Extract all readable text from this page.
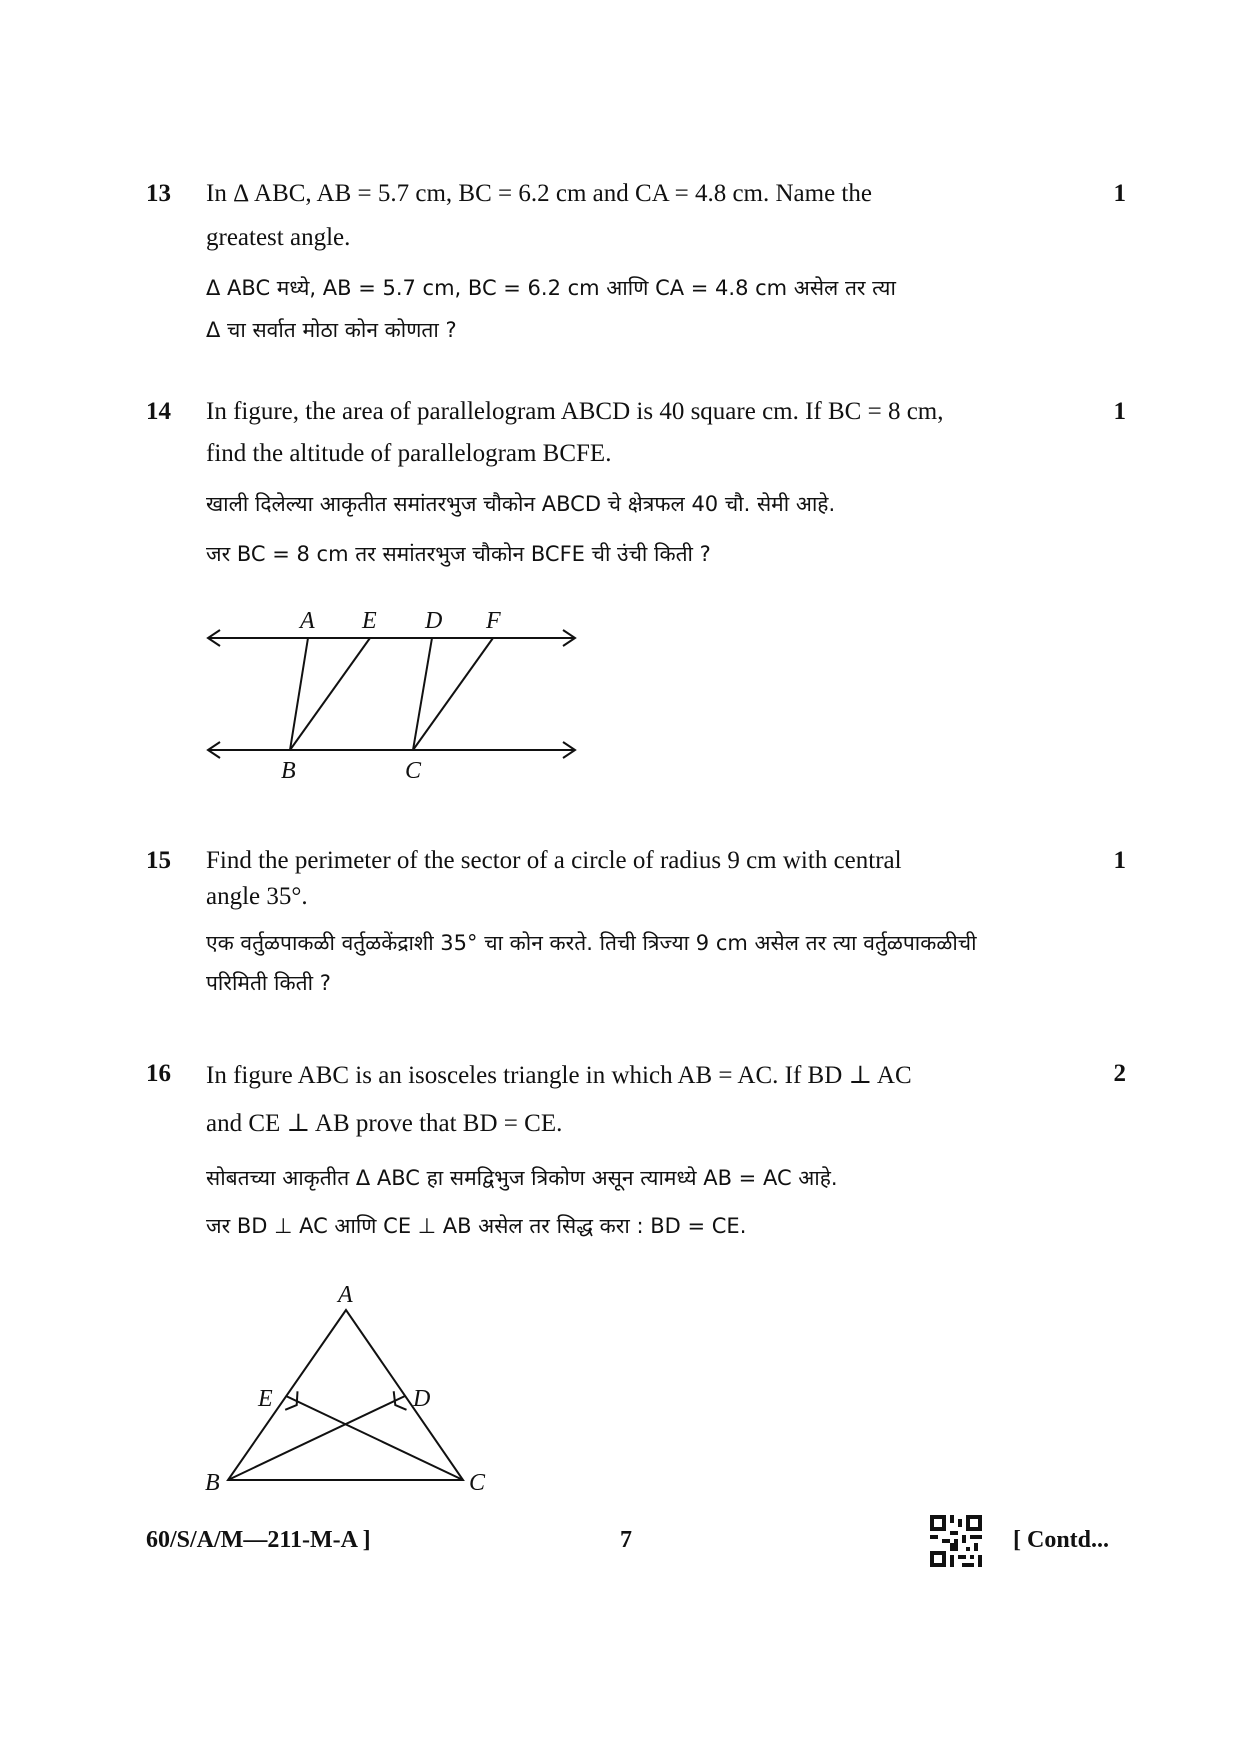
13	1
In Δ ABC, AB = 5.7 cm, BC = 6.2 cm and CA = 4.8 cm. Name the
greatest angle.
Δ ABC मध्ये, AB = 5.7 cm, BC = 6.2 cm आणि CA = 4.8 cm असेल तर त्या
Δ चा सर्वात मोठा कोन कोणता ?
14	1
In figure, the area of parallelogram ABCD is 40 square cm. If BC = 8 cm,
find the altitude of parallelogram BCFE.
खाली दिलेल्या आकृतीत समांतरभुज चौकोन ABCD चे क्षेत्रफल 40 चौ. सेमी आहे.
जर BC = 8 cm तर समांतरभुज चौकोन BCFE ची उंची किती ?
A E D F
B	C
15	1
Find the perimeter of the sector of a circle of radius 9 cm with central
angle 35°.
एक वर्तुळपाकळी वर्तुळकेंद्राशी 35° चा कोन करते. तिची त्रिज्या 9 cm असेल तर त्या वर्तुळपाकळीची
परिमिती किती ?
16	2
In figure ABC is an isosceles triangle in which AB = AC. If BD ⊥ AC
and CE ⊥ AB prove that BD = CE.
सोबतच्या आकृतीत Δ ABC हा समद्विभुज त्रिकोण असून त्यामध्ये AB = AC आहे.
जर BD ⊥ AC आणि CE ⊥ AB असेल तर सिद्ध करा : BD = CE.
A
E	D
B	C
60/S/A/M—211-M-A ]	7	[ Contd...
